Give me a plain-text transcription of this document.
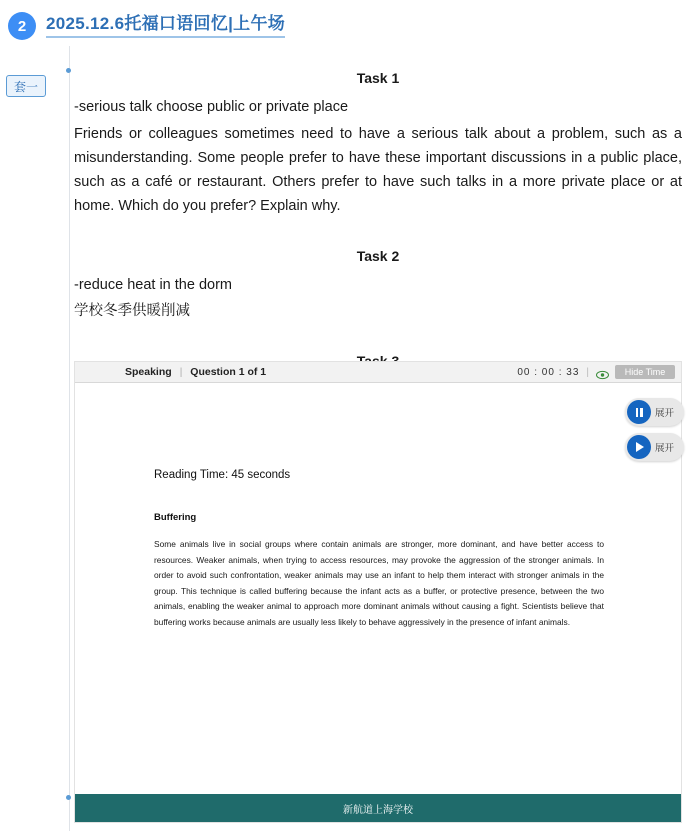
2	2025.12.6托福口语回忆|上午场
套一
Task 1

-serious talk choose public or private place

Friends or colleagues sometimes need to have a serious talk about a problem, such as a misunderstanding. Some people prefer to have these important discussions in a public place, such as a café or restaurant. Others prefer to have such talks in a more private place or at home. Which do you prefer? Explain why.

Task 2

-reduce heat in the dorm

学校冬季供暖削减

Speaking | Question 1 of 1	00 : 00 : 33 |	Hide Time
Reading Time: 45 seconds
Buffering
Some animals live in social groups where contain animals are stronger, more dominant, and have better access to resources. Weaker animals, when trying to access resources, may provoke the aggression of the stronger animals. In order to avoid such confrontation, weaker animals may use an infant to help them interact with stronger animals in the group. This technique is called buffering because the infant acts as a buffer, or protective presence, between the two animals, enabling the weaker animal to approach more dominant animals without causing a fight. Scientists believe that buffering works because animals are usually less likely to behave aggressively in the presence of infant animals.
新航道上海学校
展开
展开
